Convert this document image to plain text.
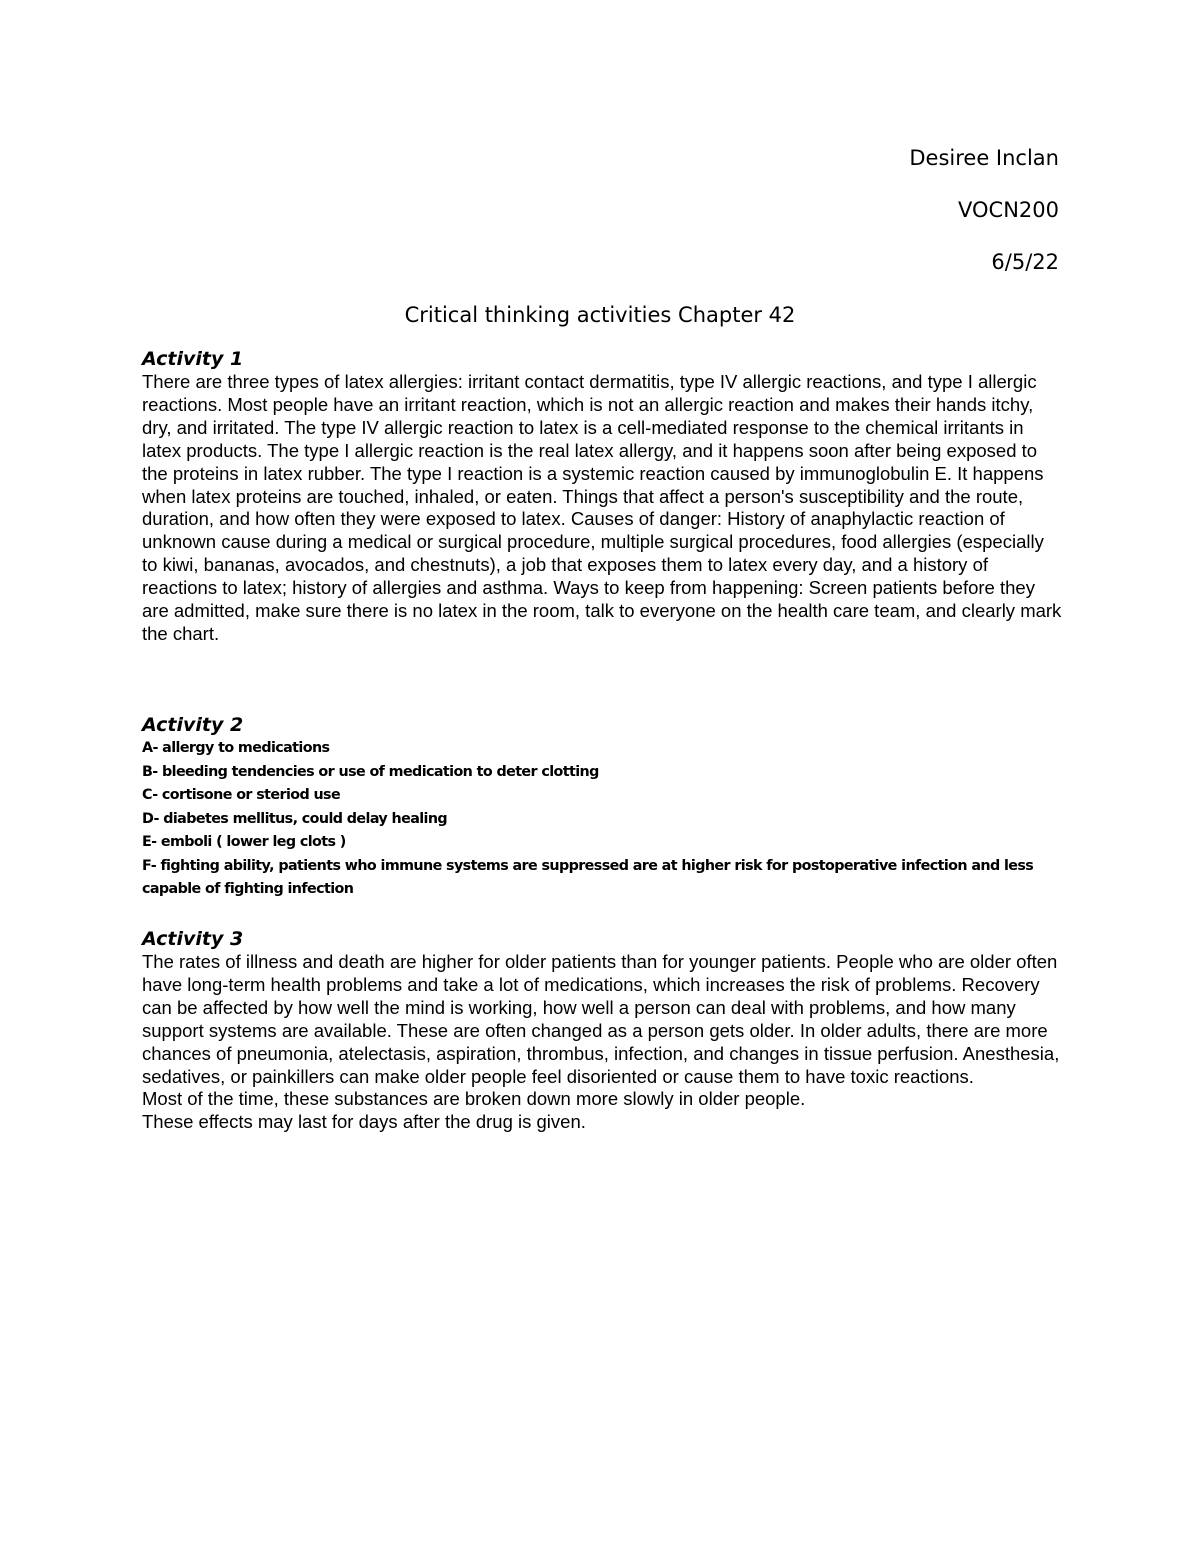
Desiree Inclan
VOCN200
6/5/22
Critical thinking activities Chapter 42
Activity 1
There are three types of latex allergies: irritant contact dermatitis, type IV allergic reactions, and type I allergic reactions. Most people have an irritant reaction, which is not an allergic reaction and makes their hands itchy, dry, and irritated. The type IV allergic reaction to latex is a cell-mediated response to the chemical irritants in latex products. The type I allergic reaction is the real latex allergy, and it happens soon after being exposed to the proteins in latex rubber. The type I reaction is a systemic reaction caused by immunoglobulin E. It happens when latex proteins are touched, inhaled, or eaten. Things that affect a person's susceptibility and the route, duration, and how often they were exposed to latex. Causes of danger: History of anaphylactic reaction of unknown cause during a medical or surgical procedure, multiple surgical procedures, food allergies (especially to kiwi, bananas, avocados, and chestnuts), a job that exposes them to latex every day, and a history of reactions to latex; history of allergies and asthma. Ways to keep from happening: Screen patients before they are admitted, make sure there is no latex in the room, talk to everyone on the health care team, and clearly mark the chart.
Activity 2
A- allergy to medications
B- bleeding tendencies or use of medication to deter clotting
C- cortisone or steriod use
D- diabetes mellitus, could delay healing
E- emboli ( lower leg clots )
F- fighting ability, patients who immune systems are suppressed are at higher risk for postoperative infection and less capable of fighting infection
Activity 3

The rates of illness and death are higher for older patients than for younger patients. People who are older often have long-term health problems and take a lot of medications, which increases the risk of problems. Recovery can be affected by how well the mind is working, how well a person can deal with problems, and how many support systems are available. These are often changed as a person gets older. In older adults, there are more chances of pneumonia, atelectasis, aspiration, thrombus, infection, and changes in tissue perfusion. Anesthesia, sedatives, or painkillers can make older people feel disoriented or cause them to have toxic reactions.

Most of the time, these substances are broken down more slowly in older people.

These effects may last for days after the drug is given.
